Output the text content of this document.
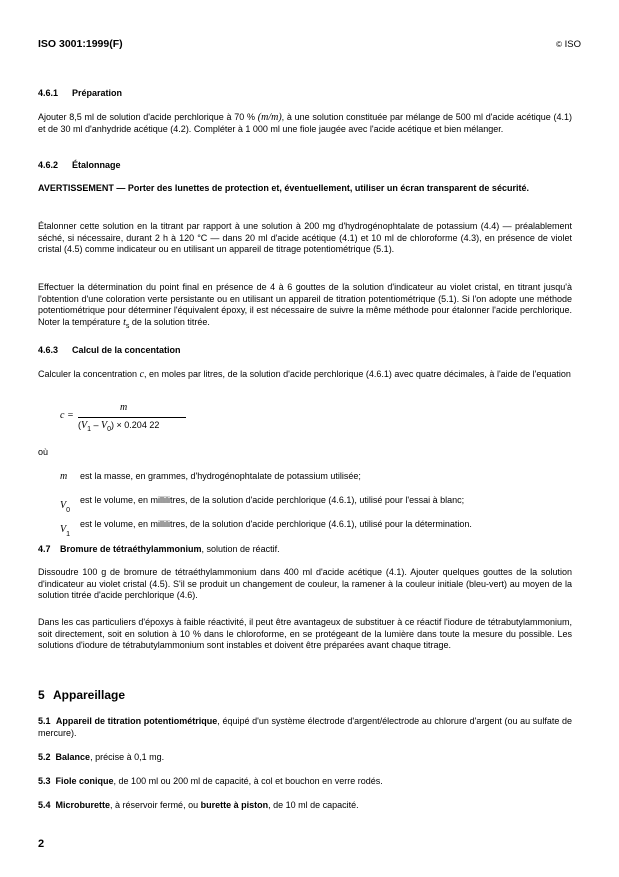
ISO 3001:1999(F)	© ISO
4.6.1 Préparation

Ajouter 8,5 ml de solution d'acide perchlorique à 70 % (m/m), à une solution constituée par mélange de 500 ml d'acide acétique (4.1) et de 30 ml d'anhydride acétique (4.2). Compléter à 1 000 ml une fiole jaugée avec l'acide acétique et bien mélanger.

4.6.2 Étalonnage

AVERTISSEMENT — Porter des lunettes de protection et, éventuellement, utiliser un écran transparent de sécurité.

Étalonner cette solution en la titrant par rapport à une solution à 200 mg d'hydrogénophtalate de potassium (4.4) — préalablement séché, si nécessaire, durant 2 h à 120 °C — dans 20 ml d'acide acétique (4.1) et 10 ml de chloroforme (4.3), en présence de violet cristal (4.5) comme indicateur ou en utilisant un appareil de titrage potentiométrique (5.1).

Effectuer la détermination du point final en présence de 4 à 6 gouttes de la solution d'indicateur au violet cristal, en titrant jusqu'à l'obtention d'une coloration verte persistante ou en utilisant un appareil de titration potentiométrique (5.1). Si l'on adopte une méthode potentiométrique pour déterminer l'équivalent époxy, il est nécessaire de suivre la même méthode pour étalonner l'acide perchlorique. Noter la température $t_s$ de la solution titrée.

4.6.3 Calcul de la concentation

Calculer la concentration c, en moles par litres, de la solution d'acide perchlorique (4.6.1) avec quatre décimales, à l'aide de l'equation

c =
m
$(V_1 - V_0) \times 0.204$ 22

où

m est la masse, en grammes, d'hydrogénophtalate de potassium utilisée;
$V_0$
est le volume, en millilitres, de la solution d'acide perchlorique (4.6.1), utilisé pour l'essai à blanc;
$V_1$
est le volume, en millilitres, de la solution d'acide perchlorique (4.6.1), utilisé pour la détermination.
4.7 Bromure de tétraéthylammonium, solution de réactif.

Dissoudre 100 g de bromure de tétraéthylammonium dans 400 ml d'acide acétique (4.1). Ajouter quelques gouttes de la solution d'indicateur au violet cristal (4.5). S'il se produit un changement de couleur, la ramener à la couleur initiale (bleu-vert) au moyen de la solution titrée d'acide perchlorique (4.6).

Dans les cas particuliers d'époxys à faible réactivité, il peut être avantageux de substituer à ce réactif l'iodure de tétrabutylammonium, soit directement, soit en solution à 10 % dans le chloroforme, en se protégeant de la lumière dans toute la mesure du possible. Les solutions d'iodure de tétrabutylammonium sont instables et doivent être préparées avant chaque titrage.

5 Appareillage

5.1 Appareil de titration potentiométrique, équipé d'un système électrode d'argent/électrode au chlorure d'argent (ou au sulfate de mercure).

5.2 Balance, précise à 0,1 mg.

5.3 Fiole conique, de 100 ml ou 200 ml de capacité, à col et bouchon en verre rodés.

5.4 Microburette, à réservoir fermé, ou burette à piston, de 10 ml de capacité.

2
